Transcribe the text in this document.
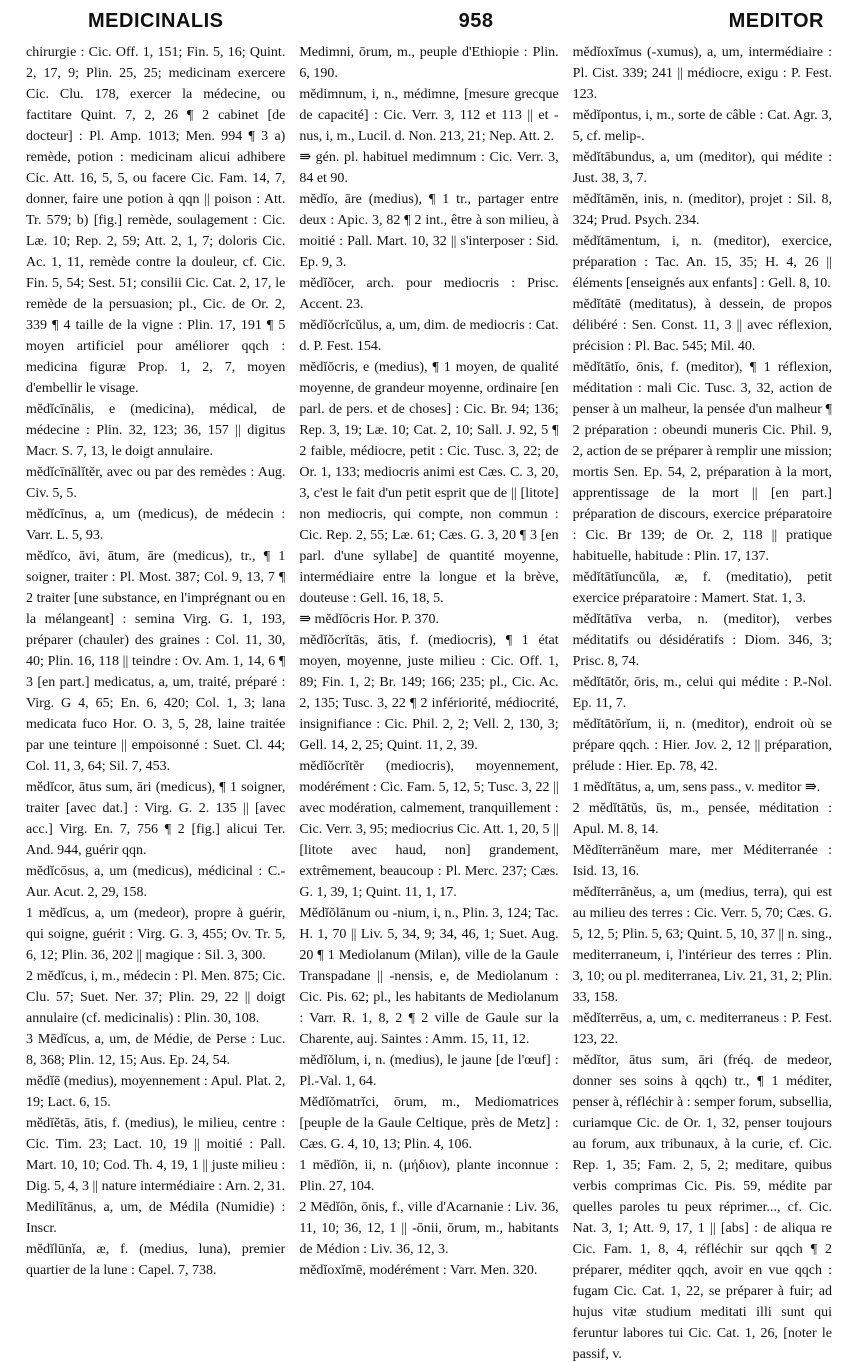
MEDICINALIS	958	MEDITOR

chirurgie : Cic. Off. 1, 151; Fin. 5, 16; Quint. 2, 17, 9; Plin. 25, 25; medicinam exercere Cic. Clu. 178, exercer la médecine, ou factitare Quint. 7, 2, 26 ¶ 2 cabinet [de docteur] : Pl. Amp. 1013; Men. 994 ¶ 3 a) remède, potion : medicinam alicui adhibere Cic. Att. 16, 5, 5, ou facere Cic. Fam. 14, 7, donner, faire une potion à qqn || poison : Att. Tr. 579; b) [fig.] remède, soulagement : Cic. Læ. 10; Rep. 2, 59; Att. 2, 1, 7; doloris Cic. Ac. 1, 11, remède contre la douleur, cf. Cic. Fin. 5, 54; Sest. 51; consilii Cic. Cat. 2, 17, le remède de la persuasion; pl., Cic. de Or. 2, 339 ¶ 4 taille de la vigne : Plin. 17, 191 ¶ 5 moyen artificiel pour améliorer qqch : medicina figuræ Prop. 1, 2, 7, moyen d'embellir le visage.

mĕdĭcīnālis, e (medicina), médical, de médecine : Plin. 32, 123; 36, 157 || digitus Macr. S. 7, 13, le doigt annulaire.

mĕdĭcīnālĭtĕr, avec ou par des remèdes : Aug. Civ. 5, 5.

mĕdĭcīnus, a, um (medicus), de médecin : Varr. L. 5, 93.

mĕdĭco, āvi, ātum, āre (medicus), tr., ¶ 1 soigner, traiter : Pl. Most. 387; Col. 9, 13, 7 ¶ 2 traiter [une substance, en l'imprégnant ou en la mélangeant] : semina Virg. G. 1, 193, préparer (chauler) des graines : Col. 11, 30, 40; Plin. 16, 118 || teindre : Ov. Am. 1, 14, 6 ¶ 3 [en part.] medicatus, a, um, traité, préparé : Virg. G 4, 65; En. 6, 420; Col. 1, 3; lana medicata fuco Hor. O. 3, 5, 28, laine traitée par une teinture || empoisonné : Suet. Cl. 44; Col. 11, 3, 64; Sil. 7, 453.

mĕdĭcor, ātus sum, āri (medicus), ¶ 1 soigner, traiter [avec dat.] : Virg. G. 2. 135 || [avec acc.] Virg. En. 7, 756 ¶ 2 [fig.] alicui Ter. And. 944, guérir qqn.

mĕdĭcōsus, a, um (medicus), médicinal : C.-Aur. Acut. 2, 29, 158.

1 mĕdĭcus, a, um (medeor), propre à guérir, qui soigne, guérit : Virg. G. 3, 455; Ov. Tr. 5, 6, 12; Plin. 36, 202 || magique : Sil. 3, 300.

2 mĕdĭcus, i, m., médecin : Pl. Men. 875; Cic. Clu. 57; Suet. Ner. 37; Plin. 29, 22 || doigt annulaire (cf. medicinalis) : Plin. 30, 108.

3 Mēdĭcus, a, um, de Médie, de Perse : Luc. 8, 368; Plin. 12, 15; Aus. Ep. 24, 54.

mĕdĭē (medius), moyennement : Apul. Plat. 2, 19; Lact. 6, 15.

mĕdĭĕtās, ātis, f. (medius), le milieu, centre : Cic. Tim. 23; Lact. 10, 19 || moitié : Pall. Mart. 10, 10; Cod. Th. 4, 19, 1 || juste milieu : Dig. 5, 4, 3 || nature intermédiaire : Arn. 2, 31.

Medilītānus, a, um, de Médila (Numidie) : Inscr.

mĕdĭlūnĭa, æ, f. (medius, luna), premier quartier de la lune : Capel. 7, 738.

Medimni, ōrum, m., peuple d'Ethiopie : Plin. 6, 190.

mĕdimnum, i, n., médimne, [mesure grecque de capacité] : Cic. Verr. 3, 112 et 113 || et -nus, i, m., Lucil. d. Non. 213, 21; Nep. Att. 2.

⇛ gén. pl. habituel medimnum : Cic. Verr. 3, 84 et 90.

mĕdĭo, āre (medius), ¶ 1 tr., partager entre deux : Apic. 3, 82 ¶ 2 int., être à son milieu, à moitié : Pall. Mart. 10, 32 || s'interposer : Sid. Ep. 9, 3.

mĕdĭŏcer, arch. pour mediocris : Prisc. Accent. 23.

mĕdĭŏcrĭcŭlus, a, um, dim. de mediocris : Cat. d. P. Fest. 154.

mĕdĭŏcris, e (medius), ¶ 1 moyen, de qualité moyenne, de grandeur moyenne, ordinaire [en parl. de pers. et de choses] : Cic. Br. 94; 136; Rep. 3, 19; Læ. 10; Cat. 2, 10; Sall. J. 92, 5 ¶ 2 faible, médiocre, petit : Cic. Tusc. 3, 22; de Or. 1, 133; mediocris animi est Cæs. C. 3, 20, 3, c'est le fait d'un petit esprit que de || [litote] non mediocris, qui compte, non commun : Cic. Rep. 2, 55; Læ. 61; Cæs. G. 3, 20 ¶ 3 [en parl. d'une syllabe] de quantité moyenne, intermédiaire entre la longue et la brève, douteuse : Gell. 16, 18, 5.

⇛ mĕdĭōcris Hor. P. 370.

mĕdĭŏcrĭtās, ātis, f. (mediocris), ¶ 1 état moyen, moyenne, juste milieu : Cic. Off. 1, 89; Fin. 1, 2; Br. 149; 166; 235; pl., Cic. Ac. 2, 135; Tusc. 3, 22 ¶ 2 infériorité, médiocrité, insignifiance : Cic. Phil. 2, 2; Vell. 2, 130, 3; Gell. 14, 2, 25; Quint. 11, 2, 39.

mĕdĭŏcrĭtĕr (mediocris), moyennement, modérément : Cic. Fam. 5, 12, 5; Tusc. 3, 22 || avec modération, calmement, tranquillement : Cic. Verr. 3, 95; mediocrius Cic. Att. 1, 20, 5 || [litote avec haud, non] grandement, extrêmement, beaucoup : Pl. Merc. 237; Cæs. G. 1, 39, 1; Quint. 11, 1, 17.

Mĕdĭŏlānum ou -nium, i, n., Plin. 3, 124; Tac. H. 1, 70 || Liv. 5, 34, 9; 34, 46, 1; Suet. Aug. 20 ¶ 1 Mediolanum (Milan), ville de la Gaule Transpadane || -nensis, e, de Mediolanum : Cic. Pis. 62; pl., les habitants de Mediolanum : Varr. R. 1, 8, 2 ¶ 2 ville de Gaule sur la Charente, auj. Saintes : Amm. 15, 11, 12.

mĕdĭŏlum, i, n. (medius), le jaune [de l'œuf] : Pl.-Val. 1, 64.

Mĕdĭŏmatrĭci, ōrum, m., Mediomatrices [peuple de la Gaule Celtique, près de Metz] : Cæs. G. 4, 10, 13; Plin. 4, 106.

1 mēdĭōn, ii, n. (μήδιον), plante inconnue : Plin. 27, 104.

2 Mēdĭōn, ōnis, f., ville d'Acarnanie : Liv. 36, 11, 10; 36, 12, 1 || -ōnii, ōrum, m., habitants de Médion : Liv. 36, 12, 3.

mĕdĭoxĭmē, modérément : Varr. Men. 320.

mĕdĭoxĭmus (-xumus), a, um, intermédiaire : Pl. Cist. 339; 241 || médiocre, exigu : P. Fest. 123.

mĕdĭpontus, i, m., sorte de câble : Cat. Agr. 3, 5, cf. melip-.

mĕdĭtābundus, a, um (meditor), qui médite : Just. 38, 3, 7.

mĕdĭtāmĕn, inis, n. (meditor), projet : Sil. 8, 324; Prud. Psych. 234.

mĕdĭtāmentum, i, n. (meditor), exercice, préparation : Tac. An. 15, 35; H. 4, 26 || éléments [enseignés aux enfants] : Gell. 8, 10.

mĕdĭtātē (meditatus), à dessein, de propos délibéré : Sen. Const. 11, 3 || avec réflexion, précision : Pl. Bac. 545; Mil. 40.

mĕdĭtātĭo, ōnis, f. (meditor), ¶ 1 réflexion, méditation : mali Cic. Tusc. 3, 32, action de penser à un malheur, la pensée d'un malheur ¶ 2 préparation : obeundi muneris Cic. Phil. 9, 2, action de se préparer à remplir une mission; mortis Sen. Ep. 54, 2, préparation à la mort, apprentissage de la mort || [en part.] préparation de discours, exercice préparatoire : Cic. Br 139; de Or. 2, 118 || pratique habituelle, habitude : Plin. 17, 137.

mĕdĭtātĭuncŭla, æ, f. (meditatio), petit exercice préparatoire : Mamert. Stat. 1, 3.

mĕdĭtātīva verba, n. (meditor), verbes méditatifs ou désidératifs : Diom. 346, 3; Prisc. 8, 74.

mĕdĭtātŏr, ōris, m., celui qui médite : P.-Nol. Ep. 11, 7.

mĕdĭtātōrĭum, ii, n. (meditor), endroit où se prépare qqch. : Hier. Jov. 2, 12 || préparation, prélude : Hier. Ep. 78, 42.

1 mĕdĭtātus, a, um, sens pass., v. meditor ⇛.

2 mĕdĭtātŭs, ūs, m., pensée, méditation : Apul. M. 8, 14.

Mĕdĭterrānĕum mare, mer Méditerranée : Isid. 13, 16.

mĕdĭterrānĕus, a, um (medius, terra), qui est au milieu des terres : Cic. Verr. 5, 70; Cæs. G. 5, 12, 5; Plin. 5, 63; Quint. 5, 10, 37 || n. sing., mediterraneum, i, l'intérieur des terres : Plin. 3, 10; ou pl. mediterranea, Liv. 21, 31, 2; Plin. 33, 158.

mĕdĭterrēus, a, um, c. mediterraneus : P. Fest. 123, 22.

mĕdĭtor, ātus sum, āri (fréq. de medeor, donner ses soins à qqch) tr., ¶ 1 méditer, penser à, réfléchir à : semper forum, subsellia, curiamque Cic. de Or. 1, 32, penser toujours au forum, aux tribunaux, à la curie, cf. Cic. Rep. 1, 35; Fam. 2, 5, 2; meditare, quibus verbis comprimas Cic. Pis. 59, médite par quelles paroles tu peux réprimer..., cf. Cic. Nat. 3, 1; Att. 9, 17, 1 || [abs] : de aliqua re Cic. Fam. 1, 8, 4, réfléchir sur qqch ¶ 2 préparer, méditer qqch, avoir en vue qqch : fugam Cic. Cat. 1, 22, se préparer à fuir; ad hujus vitæ studium meditati illi sunt qui feruntur labores tui Cic. Cat. 1, 26, [noter le passif, v.
